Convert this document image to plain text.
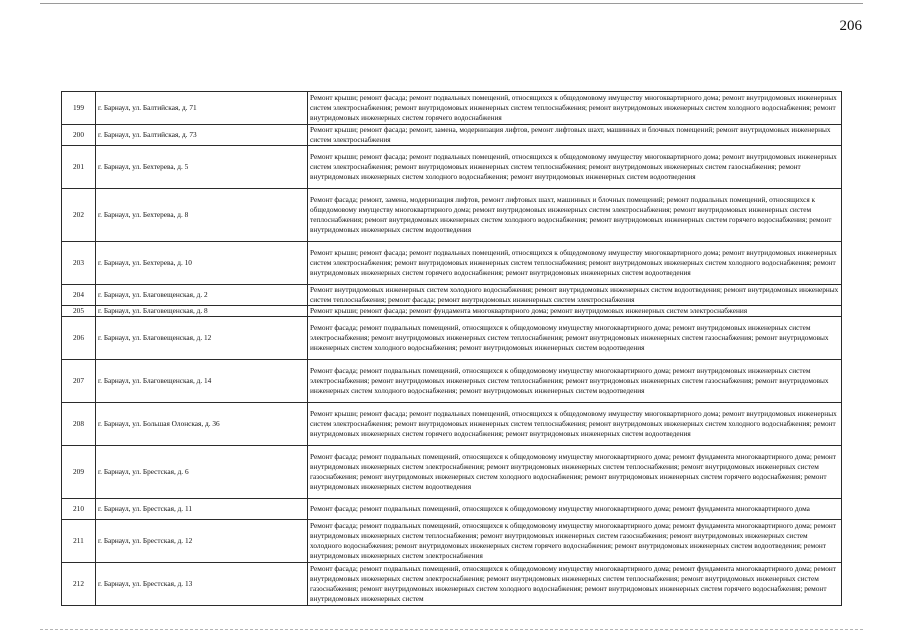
206
199	г. Барнаул, ул. Балтийская, д. 71	Ремонт крыши; ремонт фасада; ремонт подвальных помещений, относящихся к общедомовому имуществу многоквартирного дома; ремонт внутридомовых инженерных систем электроснабжения; ремонт внутридомовых инженерных систем теплоснабжения; ремонт внутридомовых инженерных систем холодного водоснабжения; ремонт внутридомовых инженерных систем горячего водоснабжения
200	г. Барнаул, ул. Балтийская, д. 73	Ремонт крыши; ремонт фасада; ремонт, замена, модернизация лифтов, ремонт лифтовых шахт, машинных и блочных помещений; ремонт внутридомовых инженерных систем электроснабжения
201	г. Барнаул, ул. Бехтерева, д. 5	Ремонт крыши; ремонт фасада; ремонт подвальных помещений, относящихся к общедомовому имуществу многоквартирного дома; ремонт внутридомовых инженерных систем электроснабжения; ремонт внутридомовых инженерных систем теплоснабжения; ремонт внутридомовых инженерных систем газоснабжения; ремонт внутридомовых инженерных систем холодного водоснабжения; ремонт внутридомовых инженерных систем водоотведения
202	г. Барнаул, ул. Бехтерева, д. 8	Ремонт фасада; ремонт, замена, модернизация лифтов, ремонт лифтовых шахт, машинных и блочных помещений; ремонт подвальных помещений, относящихся к общедомовому имуществу многоквартирного дома; ремонт внутридомовых инженерных систем электроснабжения; ремонт внутридомовых инженерных систем теплоснабжения; ремонт внутридомовых инженерных систем холодного водоснабжения; ремонт внутридомовых инженерных систем горячего водоснабжения; ремонт внутридомовых инженерных систем водоотведения
203	г. Барнаул, ул. Бехтерева, д. 10	Ремонт крыши; ремонт фасада; ремонт подвальных помещений, относящихся к общедомовому имуществу многоквартирного дома; ремонт внутридомовых инженерных систем электроснабжения; ремонт внутридомовых инженерных систем теплоснабжения; ремонт внутридомовых инженерных систем холодного водоснабжения; ремонт внутридомовых инженерных систем горячего водоснабжения; ремонт внутридомовых инженерных систем водоотведения
204	г. Барнаул, ул. Благовещенская, д. 2	Ремонт внутридомовых инженерных систем холодного водоснабжения; ремонт внутридомовых инженерных систем водоотведения; ремонт внутридомовых инженерных систем теплоснабжения; ремонт фасада; ремонт внутридомовых инженерных систем электроснабжения
205	г. Барнаул, ул. Благовещенская, д. 8	Ремонт крыши; ремонт фасада; ремонт фундамента многоквартирного дома; ремонт внутридомовых инженерных систем электроснабжения
206	г. Барнаул, ул. Благовещенская, д. 12	Ремонт фасада; ремонт подвальных помещений, относящихся к общедомовому имуществу многоквартирного дома; ремонт внутридомовых инженерных систем электроснабжения; ремонт внутридомовых инженерных систем теплоснабжения; ремонт внутридомовых инженерных систем газоснабжения; ремонт внутридомовых инженерных систем холодного водоснабжения; ремонт внутридомовых инженерных систем водоотведения
207	г. Барнаул, ул. Благовещенская, д. 14	Ремонт фасада; ремонт подвальных помещений, относящихся к общедомовому имуществу многоквартирного дома; ремонт внутридомовых инженерных систем электроснабжения; ремонт внутридомовых инженерных систем теплоснабжения; ремонт внутридомовых инженерных систем газоснабжения; ремонт внутридомовых инженерных систем холодного водоснабжения; ремонт внутридомовых инженерных систем водоотведения
208	г. Барнаул, ул. Большая Олонская, д. 36	Ремонт крыши; ремонт фасада; ремонт подвальных помещений, относящихся к общедомовому имуществу многоквартирного дома; ремонт внутридомовых инженерных систем электроснабжения; ремонт внутридомовых инженерных систем теплоснабжения; ремонт внутридомовых инженерных систем холодного водоснабжения; ремонт внутридомовых инженерных систем горячего водоснабжения; ремонт внутридомовых инженерных систем водоотведения
209	г. Барнаул, ул. Брестская, д. 6	Ремонт фасада; ремонт подвальных помещений, относящихся к общедомовому имуществу многоквартирного дома; ремонт фундамента многоквартирного дома; ремонт внутридомовых инженерных систем электроснабжения; ремонт внутридомовых инженерных систем теплоснабжения; ремонт внутридомовых инженерных систем газоснабжения; ремонт внутридомовых инженерных систем холодного водоснабжения; ремонт внутридомовых инженерных систем горячего водоснабжения; ремонт внутридомовых инженерных систем водоотведения
210	г. Барнаул, ул. Брестская, д. 11	Ремонт фасада; ремонт подвальных помещений, относящихся к общедомовому имуществу многоквартирного дома; ремонт фундамента многоквартирного дома
211	г. Барнаул, ул. Брестская, д. 12	Ремонт фасада; ремонт подвальных помещений, относящихся к общедомовому имуществу многоквартирного дома; ремонт фундамента многоквартирного дома; ремонт внутридомовых инженерных систем теплоснабжения; ремонт внутридомовых инженерных систем газоснабжения; ремонт внутридомовых инженерных систем холодного водоснабжения; ремонт внутридомовых инженерных систем горячего водоснабжения; ремонт внутридомовых инженерных систем водоотведения; ремонт внутридомовых инженерных систем электроснабжения
212	г. Барнаул, ул. Брестская, д. 13	Ремонт фасада; ремонт подвальных помещений, относящихся к общедомовому имуществу многоквартирного дома; ремонт фундамента многоквартирного дома; ремонт внутридомовых инженерных систем электроснабжения; ремонт внутридомовых инженерных систем теплоснабжения; ремонт внутридомовых инженерных систем газоснабжения; ремонт внутридомовых инженерных систем холодного водоснабжения; ремонт внутридомовых инженерных систем горячего водоснабжения; ремонт внутридомовых инженерных систем
